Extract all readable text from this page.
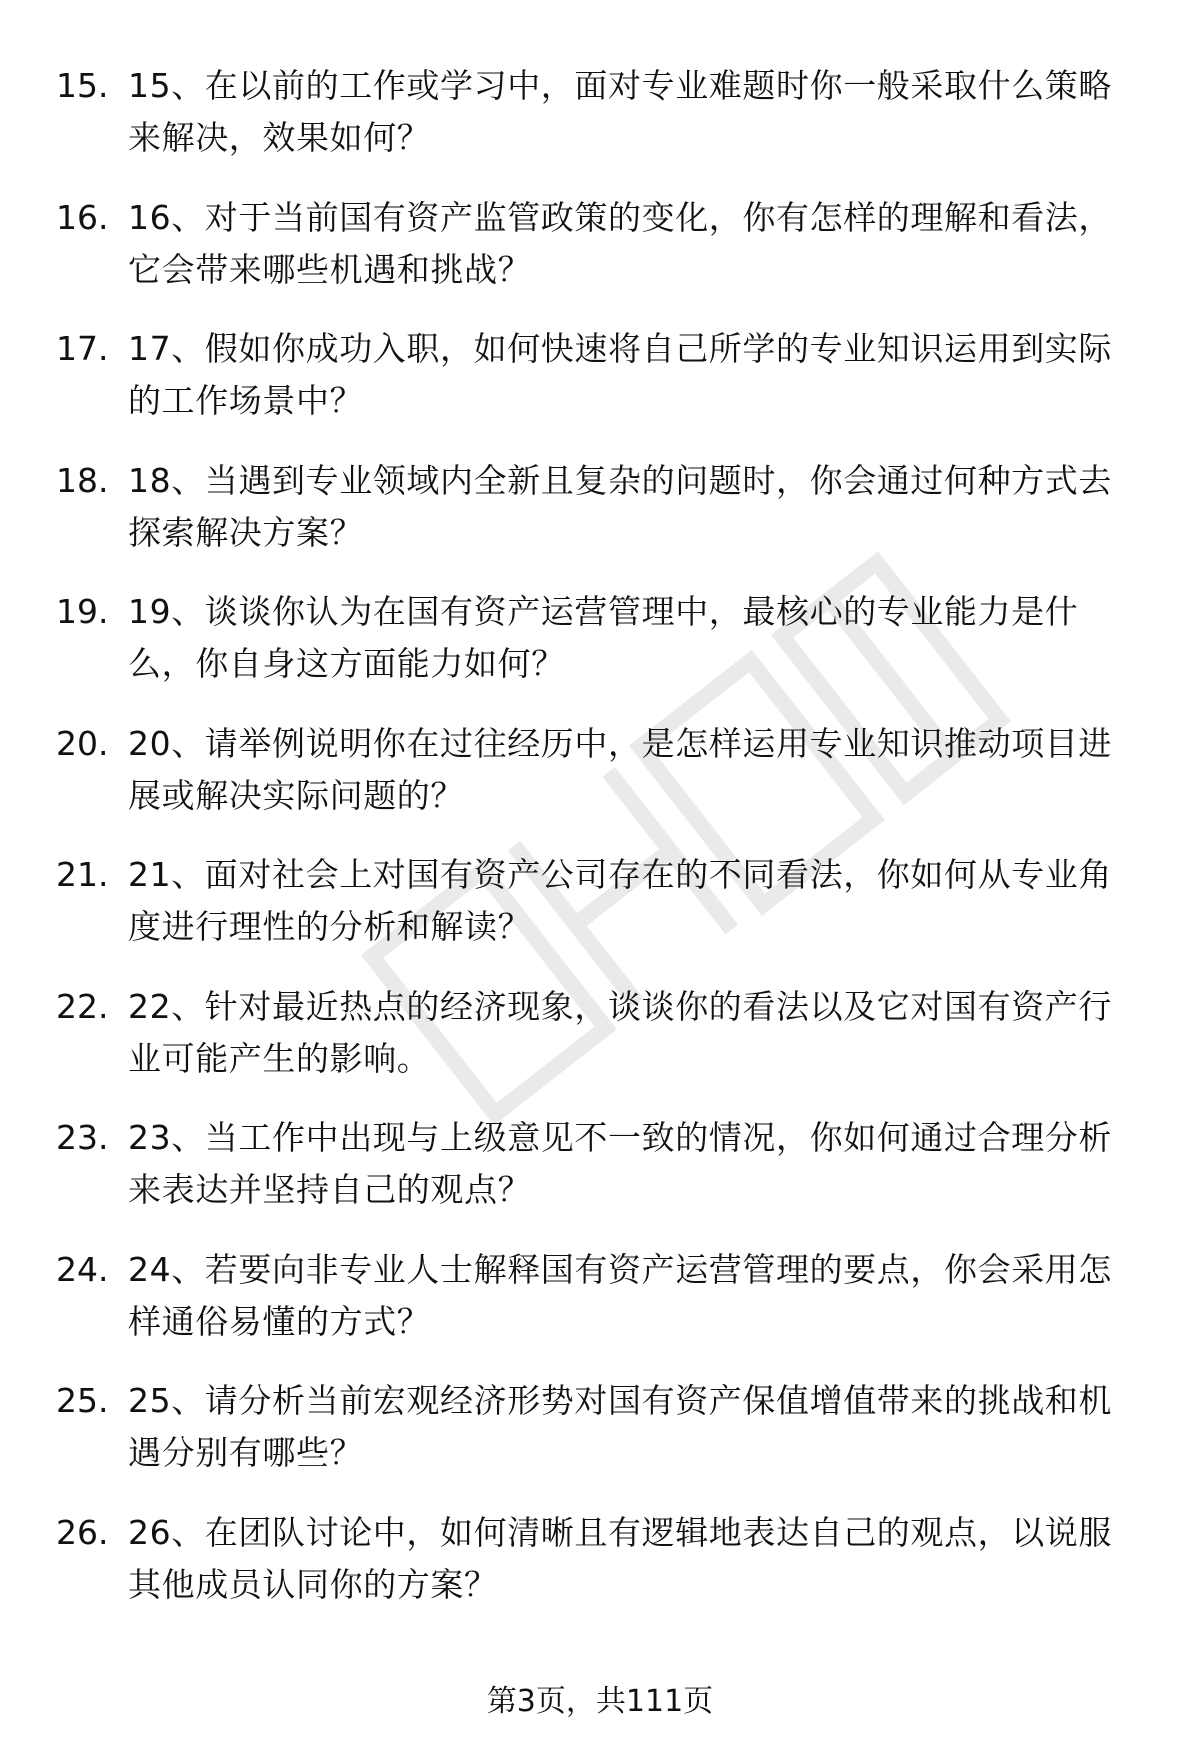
15. 15、在以前的工作或学习中，面对专业难题时你一般采取什么策略来解决，效果如何？
16. 16、对于当前国有资产监管政策的变化，你有怎样的理解和看法，它会带来哪些机遇和挑战？
17. 17、假如你成功入职，如何快速将自己所学的专业知识运用到实际的工作场景中？
18. 18、当遇到专业领域内全新且复杂的问题时，你会通过何种方式去探索解决方案？
19. 19、谈谈你认为在国有资产运营管理中，最核心的专业能力是什么，你自身这方面能力如何？
20. 20、请举例说明你在过往经历中，是怎样运用专业知识推动项目进展或解决实际问题的？
21. 21、面对社会上对国有资产公司存在的不同看法，你如何从专业角度进行理性的分析和解读？
22. 22、针对最近热点的经济现象，谈谈你的看法以及它对国有资产行业可能产生的影响。
23. 23、当工作中出现与上级意见不一致的情况，你如何通过合理分析来表达并坚持自己的观点？
24. 24、若要向非专业人士解释国有资产运营管理的要点，你会采用怎样通俗易懂的方式？
25. 25、请分析当前宏观经济形势对国有资产保值增值带来的挑战和机遇分别有哪些？
26. 26、在团队讨论中，如何清晰且有逻辑地表达自己的观点，以说服其他成员认同你的方案？
第3页，共111页
